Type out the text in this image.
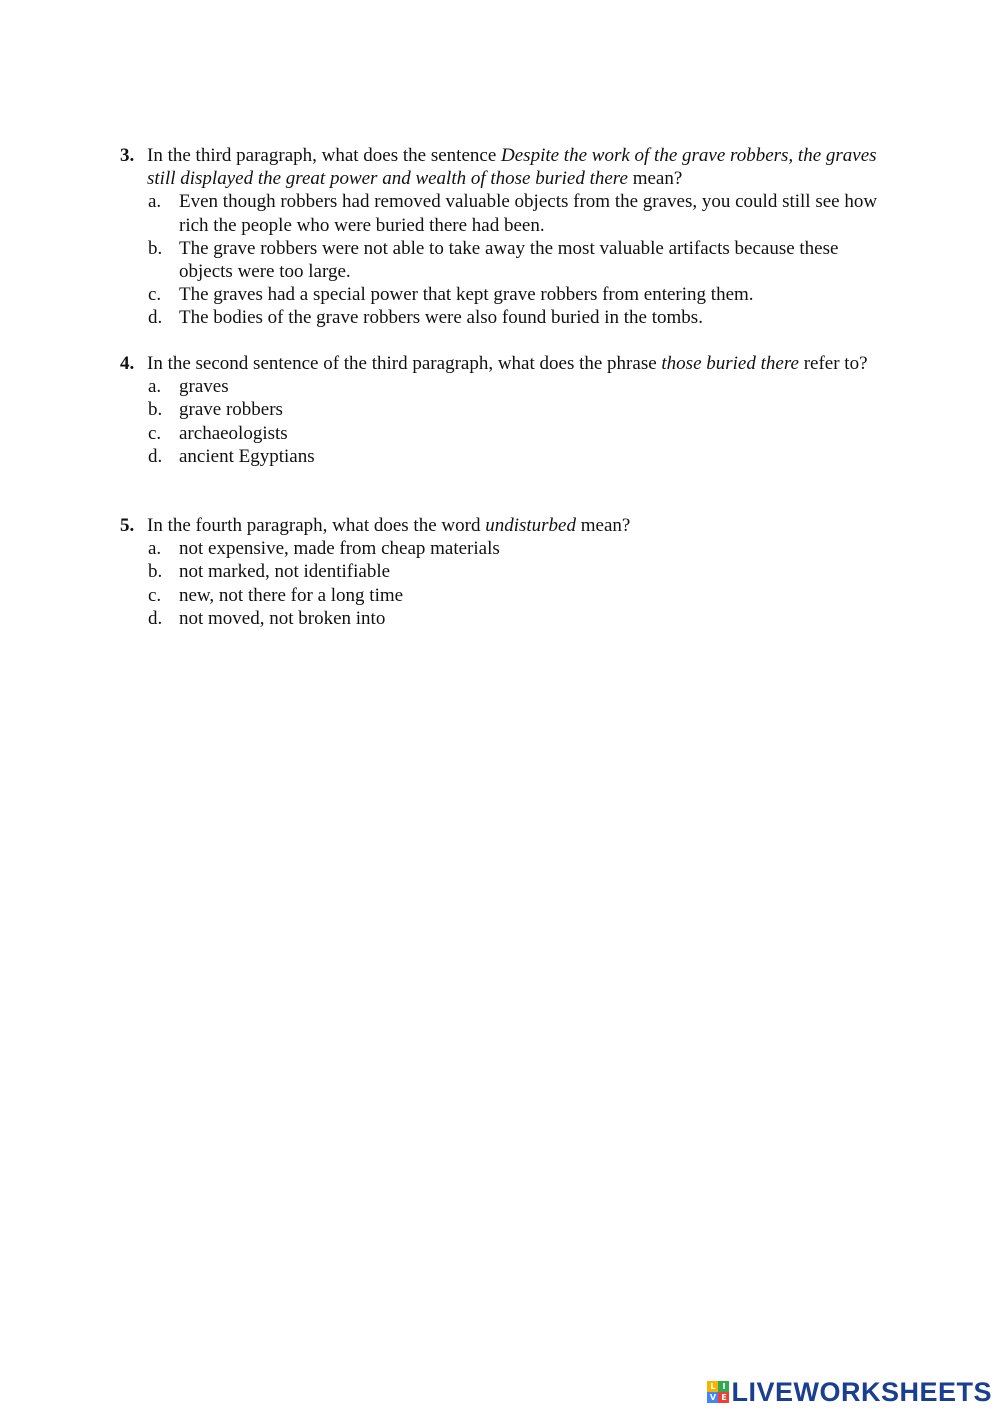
3. In the third paragraph, what does the sentence Despite the work of the grave robbers, the graves still displayed the great power and wealth of those buried there mean?
a. Even though robbers had removed valuable objects from the graves, you could still see how rich the people who were buried there had been.
b. The grave robbers were not able to take away the most valuable artifacts because these objects were too large.
c. The graves had a special power that kept grave robbers from entering them.
d. The bodies of the grave robbers were also found buried in the tombs.
4. In the second sentence of the third paragraph, what does the phrase those buried there refer to?
a. graves
b. grave robbers
c. archaeologists
d. ancient Egyptians
5. In the fourth paragraph, what does the word undisturbed mean?
a. not expensive, made from cheap materials
b. not marked, not identifiable
c. new, not there for a long time
d. not moved, not broken into
L I
V E LIVEWORKSHEETS
